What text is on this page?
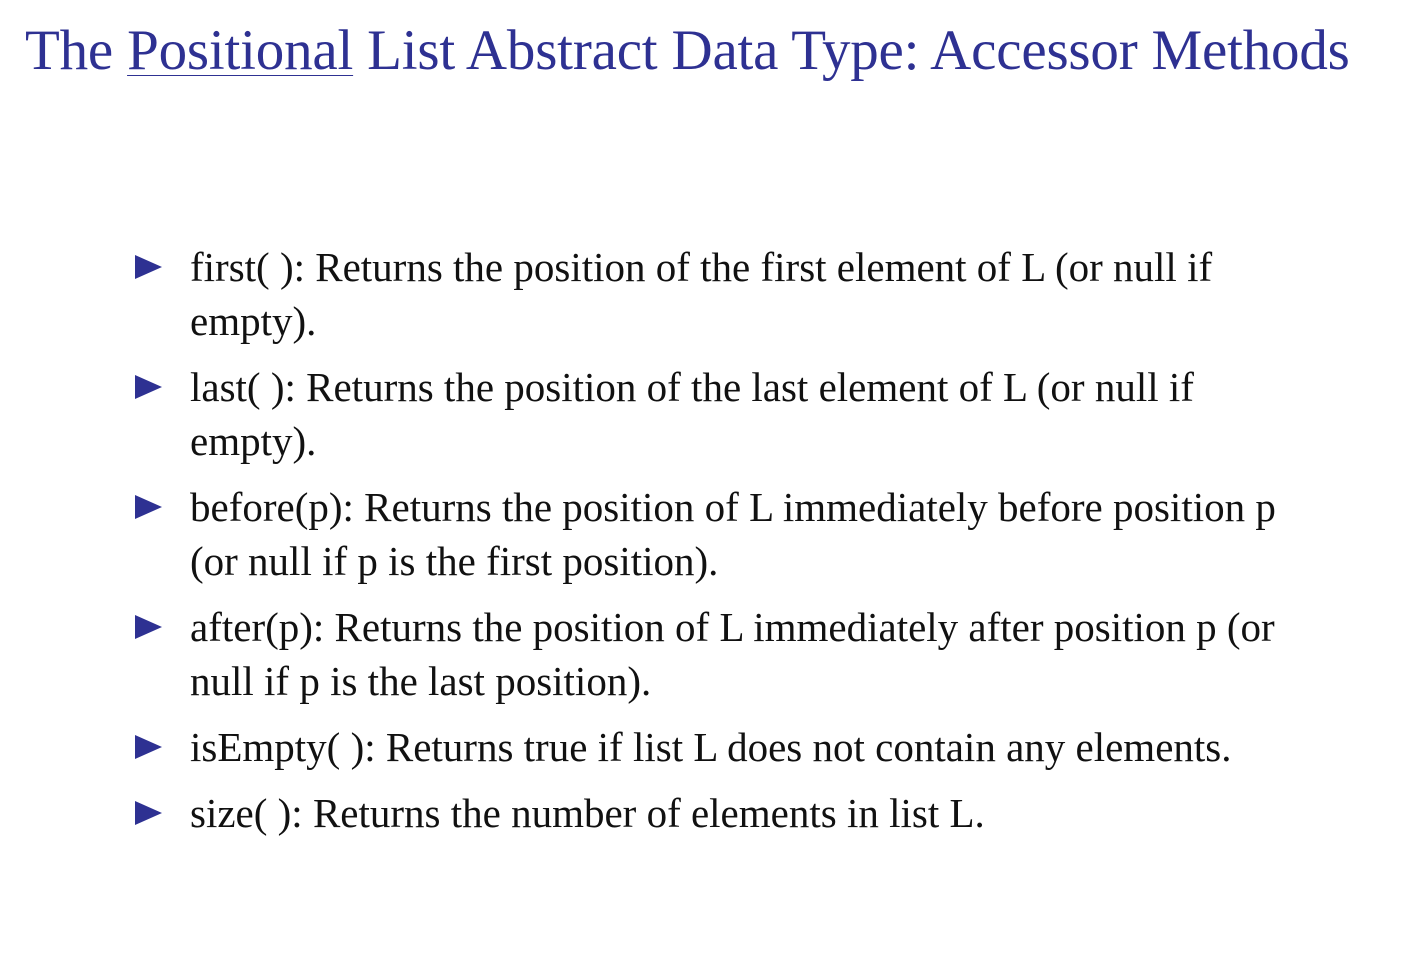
The Positional List Abstract Data Type: Accessor Methods

first( ): Returns the position of the first element of L (or null if empty).

last( ): Returns the position of the last element of L (or null if empty).

before(p): Returns the position of L immediately before position p (or null if p is the first position).

after(p): Returns the position of L immediately after position p (or null if p is the last position).

isEmpty( ): Returns true if list L does not contain any elements.

size( ): Returns the number of elements in list L.
